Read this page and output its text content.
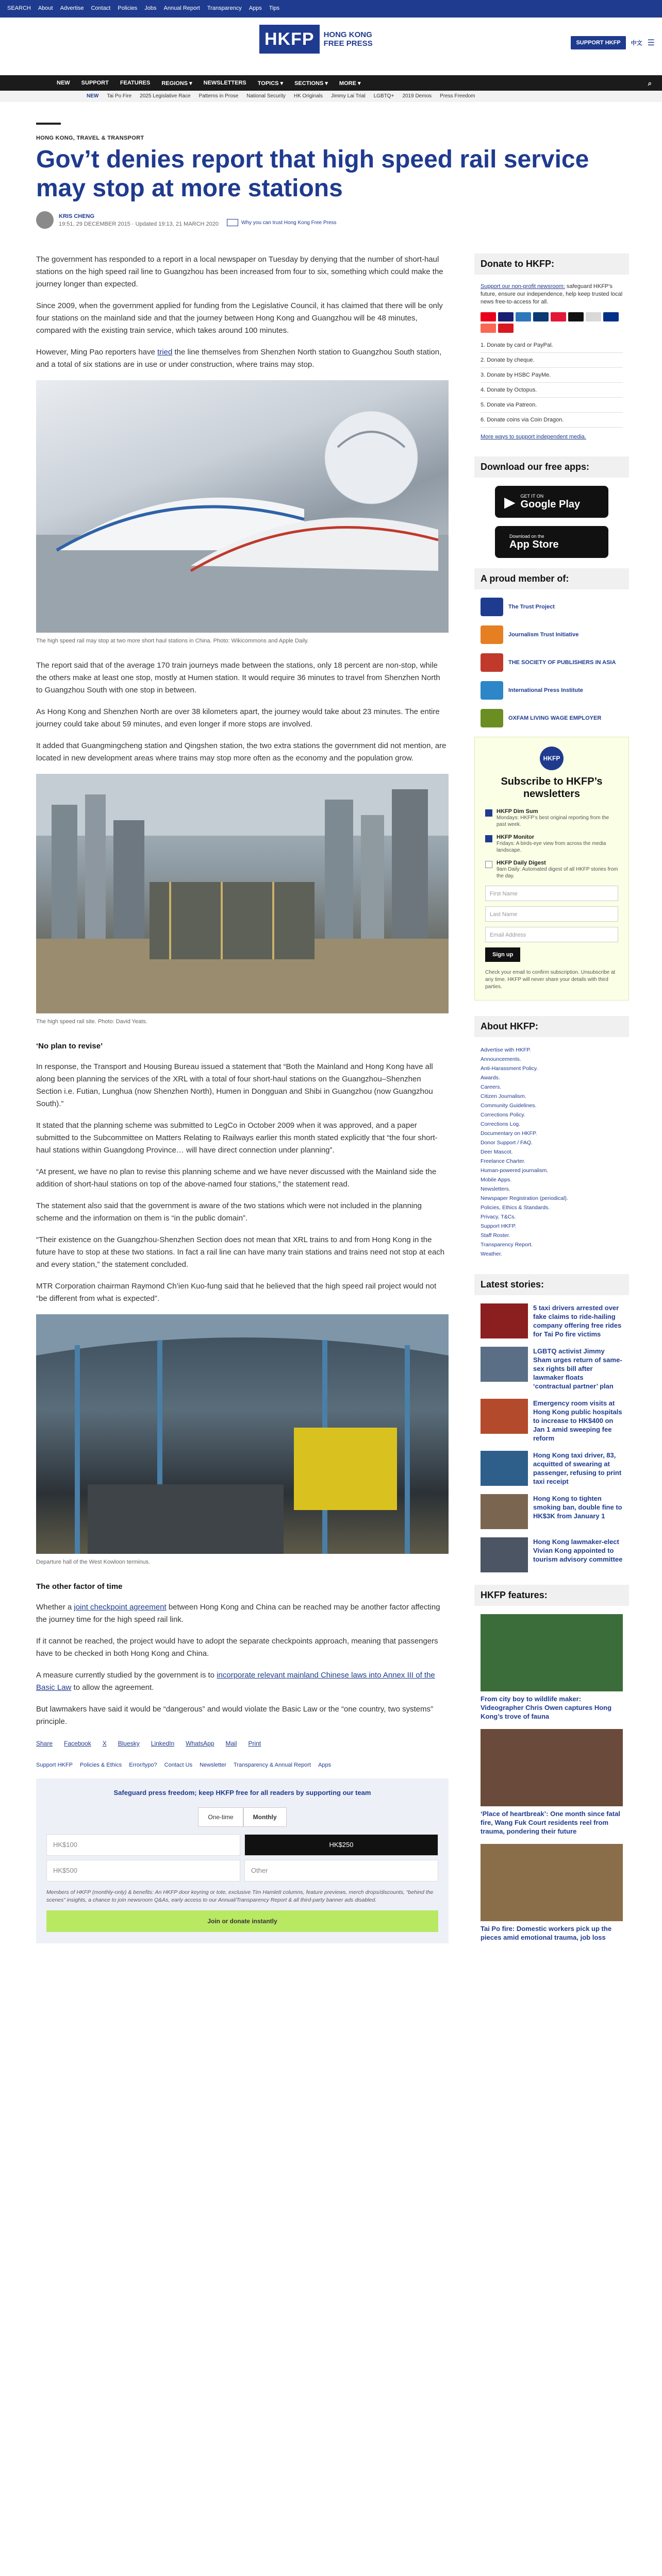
SEARCH About Advertise Contact Policies Jobs Annual Report Transparency Apps Tips
HKFP	HONG KONG
FREE PRESS	SUPPORT HKFP	中文 ☰
NEW SUPPORT FEATURES REGIONS ▾ NEWSLETTERS TOPICS ▾ SECTIONS ▾ MORE ▾	⌕
NEW Tai Po Fire 2025 Legislative Race Patterns in Prose National Security HK Originals Jimmy Lai Trial LGBTQ+ 2019 Demos Press Freedom
HONG KONG, TRAVEL & TRANSPORT
Gov’t denies report that high speed rail service may stop at more stations
KRIS CHENG
19:51, 29 DECEMBER 2015 · Updated 19:13, 21 MARCH 2020	Why you can trust Hong Kong Free Press

The government has responded to a report in a local newspaper on Tuesday by denying that the number of short-haul stations on the high speed rail line to Guangzhou has been increased from four to six, something which could make the journey longer than expected.

Since 2009, when the government applied for funding from the Legislative Council, it has claimed that there will be only four stations on the mainland side and that the journey between Hong Kong and Guangzhou will be 48 minutes, compared with the existing train service, which takes around 100 minutes.

However, Ming Pao reporters have tried the line themselves from Shenzhen North station to Guangzhou South station, and a total of six stations are in use or under construction, where trains may stop.

The high speed rail may stop at two more short haul stations in China. Photo: Wikicommons and Apple Daily.

The report said that of the average 170 train journeys made between the stations, only 18 percent are non-stop, while the others make at least one stop, mostly at Humen station. It would require 36 minutes to travel from Shenzhen North to Guangzhou South with one stop in between.

As Hong Kong and Shenzhen North are over 38 kilometers apart, the journey would take about 23 minutes. The entire journey could take about 59 minutes, and even longer if more stops are involved.

It added that Guangmingcheng station and Qingshen station, the two extra stations the government did not mention, are located in new development areas where trains may stop more often as the economy and the population grow.

The high speed rail site. Photo: David Yeats.
‘No plan to revise’

In response, the Transport and Housing Bureau issued a statement that “Both the Mainland and Hong Kong have all along been planning the services of the XRL with a total of four short-haul stations on the Guangzhou–Shenzhen Section i.e. Futian, Lunghua (now Shenzhen North), Humen in Dongguan and Shibi in Guangzhou (now Guangzhou South).”

It stated that the planning scheme was submitted to LegCo in October 2009 when it was approved, and a paper submitted to the Subcommittee on Matters Relating to Railways earlier this month stated explicitly that “the four short-haul stations within Guangdong Province… will have direct connection under planning”.

“At present, we have no plan to revise this planning scheme and we have never discussed with the Mainland side the addition of short-haul stations on top of the above-named four stations,” the statement read.

The statement also said that the government is aware of the two stations which were not included in the planning scheme and the information on them is “in the public domain”.

“Their existence on the Guangzhou-Shenzhen Section does not mean that XRL trains to and from Hong Kong in the future have to stop at these two stations. In fact a rail line can have many train stations and trains need not stop at each and every station,” the statement concluded.

MTR Corporation chairman Raymond Ch’ien Kuo-fung said that he believed that the high speed rail project would not “be different from what is expected”.

Departure hall of the West Kowloon terminus.
The other factor of time

Whether a joint checkpoint agreement between Hong Kong and China can be reached may be another factor affecting the journey time for the high speed rail link.

If it cannot be reached, the project would have to adopt the separate checkpoints approach, meaning that passengers have to be checked in both Hong Kong and China.

A measure currently studied by the government is to incorporate relevant mainland Chinese laws into Annex III of the Basic Law to allow the agreement.

But lawmakers have said it would be “dangerous” and would violate the Basic Law or the “one country, two systems” principle.

Share Facebook X Bluesky LinkedIn WhatsApp Mail Print
Support HKFP Policies & Ethics Error/typo? Contact Us Newsletter Transparency & Annual Report Apps
Safeguard press freedom; keep HKFP free for all readers by supporting our team
One-time	Monthly
HK$100	HK$250
HK$500	Other
Members of HKFP (monthly-only) & benefits: An HKFP door keyring or tote, exclusive Tim Hamlett columns, feature previews, merch drops/discounts, “behind the scenes” insights, a chance to join newsroom Q&As, early access to our Annual/Transparency Report & all third-party banner ads disabled.
Join or donate instantly
Donate to HKFP:
Support our non-profit newsroom: safeguard HKFP’s future, ensure our independence, help keep trusted local news free-to-access for all.
1. Donate by card or PayPal.
2. Donate by cheque.
3. Donate by HSBC PayMe.
4. Donate by Octopus.
5. Donate via Patreon.
6. Donate coins via Coin Dragon.
More ways to support independent media.
Download our free apps:
▶ GET IT ON
Google Play
Download on the
App Store
A proud member of:
The Trust Project
Journalism Trust Initiative
THE SOCIETY OF PUBLISHERS IN ASIA
International Press Institute
OXFAM LIVING WAGE EMPLOYER
HKFP
Subscribe to HKFP’s newsletters
HKFP Dim Sum
Mondays: HKFP’s best original reporting from the past week.
HKFP Monitor
Fridays: A birds-eye view from across the media landscape.
HKFP Daily Digest
9am Daily: Automated digest of all HKFP stories from the day.
First Name
Last Name
Email Address
Sign up
Check your email to confirm subscription. Unsubscribe at any time. HKFP will never share your details with third parties.
About HKFP:
Advertise with HKFP.
Announcements.
Anti-Harassment Policy.
Awards.
Careers.
Citizen Journalism.
Community Guidelines.
Corrections Policy.
Corrections Log.
Documentary on HKFP.
Donor Support / FAQ.
Deer Mascot.
Freelance Charter.
Human-powered journalism.
Mobile Apps.
Newsletters.
Newspaper Registration (periodical).
Policies, Ethics & Standards.
Privacy, T&Cs.
Support HKFP.
Staff Roster.
Transparency Report.
Weather.
Latest stories:
5 taxi drivers arrested over fake claims to ride-hailing company offering free rides for Tai Po fire victims
LGBTQ activist Jimmy Sham urges return of same-sex rights bill after lawmaker floats ‘contractual partner’ plan
Emergency room visits at Hong Kong public hospitals to increase to HK$400 on Jan 1 amid sweeping fee reform
Hong Kong taxi driver, 83, acquitted of swearing at passenger, refusing to print taxi receipt
Hong Kong to tighten smoking ban, double fine to HK$3K from January 1
Hong Kong lawmaker-elect Vivian Kong appointed to tourism advisory committee
HKFP features:
From city boy to wildlife maker: Videographer Chris Owen captures Hong Kong’s trove of fauna
‘Place of heartbreak’: One month since fatal fire, Wang Fuk Court residents reel from trauma, pondering their future
Tai Po fire: Domestic workers pick up the pieces amid emotional trauma, job loss
